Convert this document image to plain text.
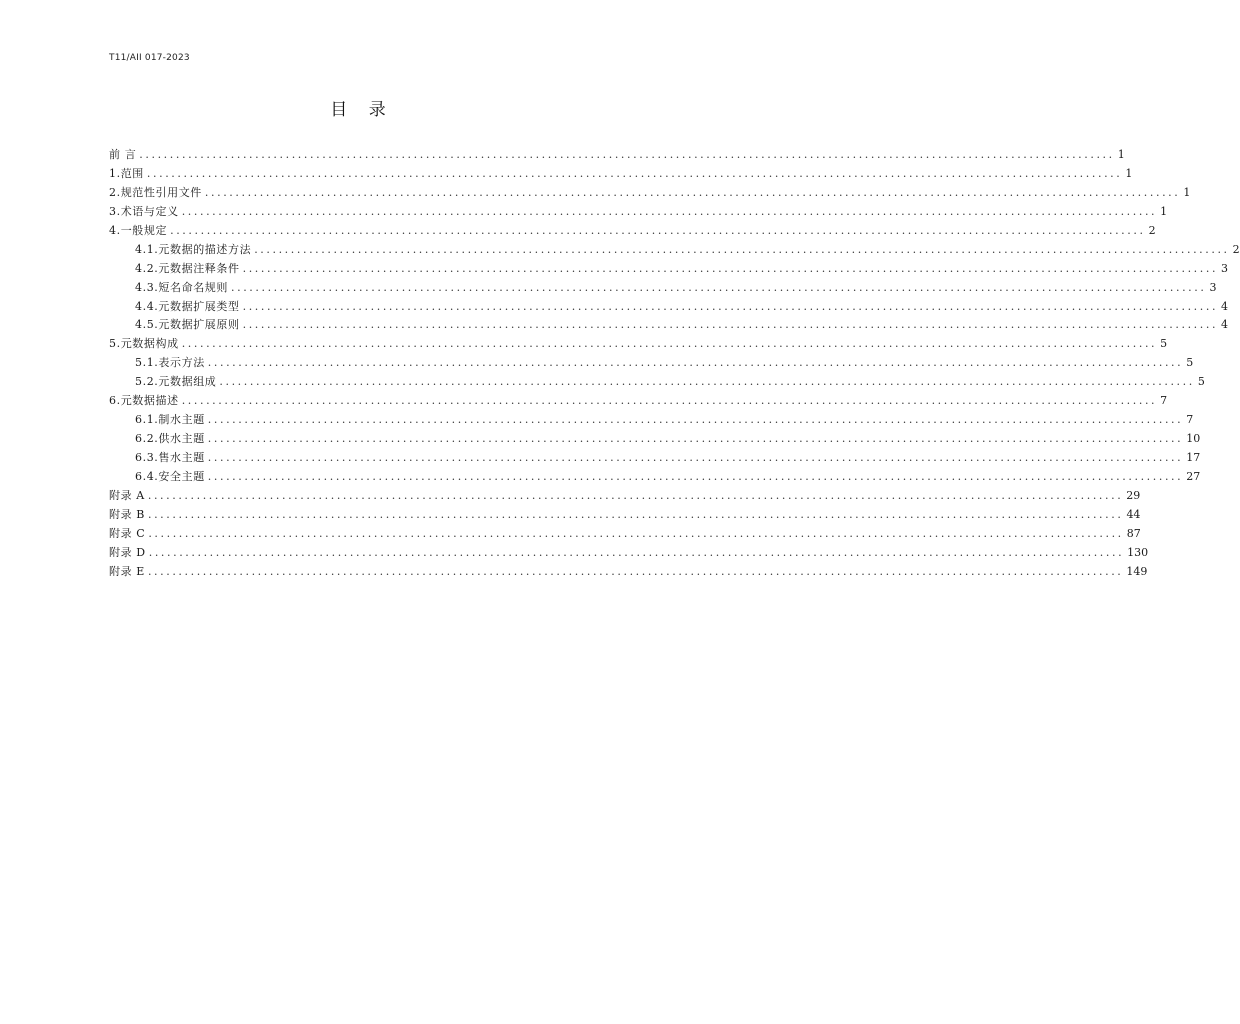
T11/AII 017-2023
目 录
前 言 ................................................................................................................................................................ 1
1.范围 ................................................................................................................................................................ 1
2.规范性引用文件 ................................................................................................................................................................ 1
3.术语与定义 ................................................................................................................................................................ 1
4.一般规定 ................................................................................................................................................................ 2
4.1.元数据的描述方法 ................................................................................................................................................................ 2
4.2.元数据注释条件 ................................................................................................................................................................ 3
4.3.短名命名规则 ................................................................................................................................................................ 3
4.4.元数据扩展类型 ................................................................................................................................................................ 4
4.5.元数据扩展原则 ................................................................................................................................................................ 4
5.元数据构成 ................................................................................................................................................................ 5
5.1.表示方法 ................................................................................................................................................................ 5
5.2.元数据组成 ................................................................................................................................................................ 5
6.元数据描述 ................................................................................................................................................................ 7
6.1.制水主题 ................................................................................................................................................................ 7
6.2.供水主题 ................................................................................................................................................................ 10
6.3.售水主题 ................................................................................................................................................................ 17
6.4.安全主题 ................................................................................................................................................................ 27
附录 A ................................................................................................................................................................ 29
附录 B ................................................................................................................................................................ 44
附录 C ................................................................................................................................................................ 87
附录 D ................................................................................................................................................................ 130
附录 E ................................................................................................................................................................ 149
